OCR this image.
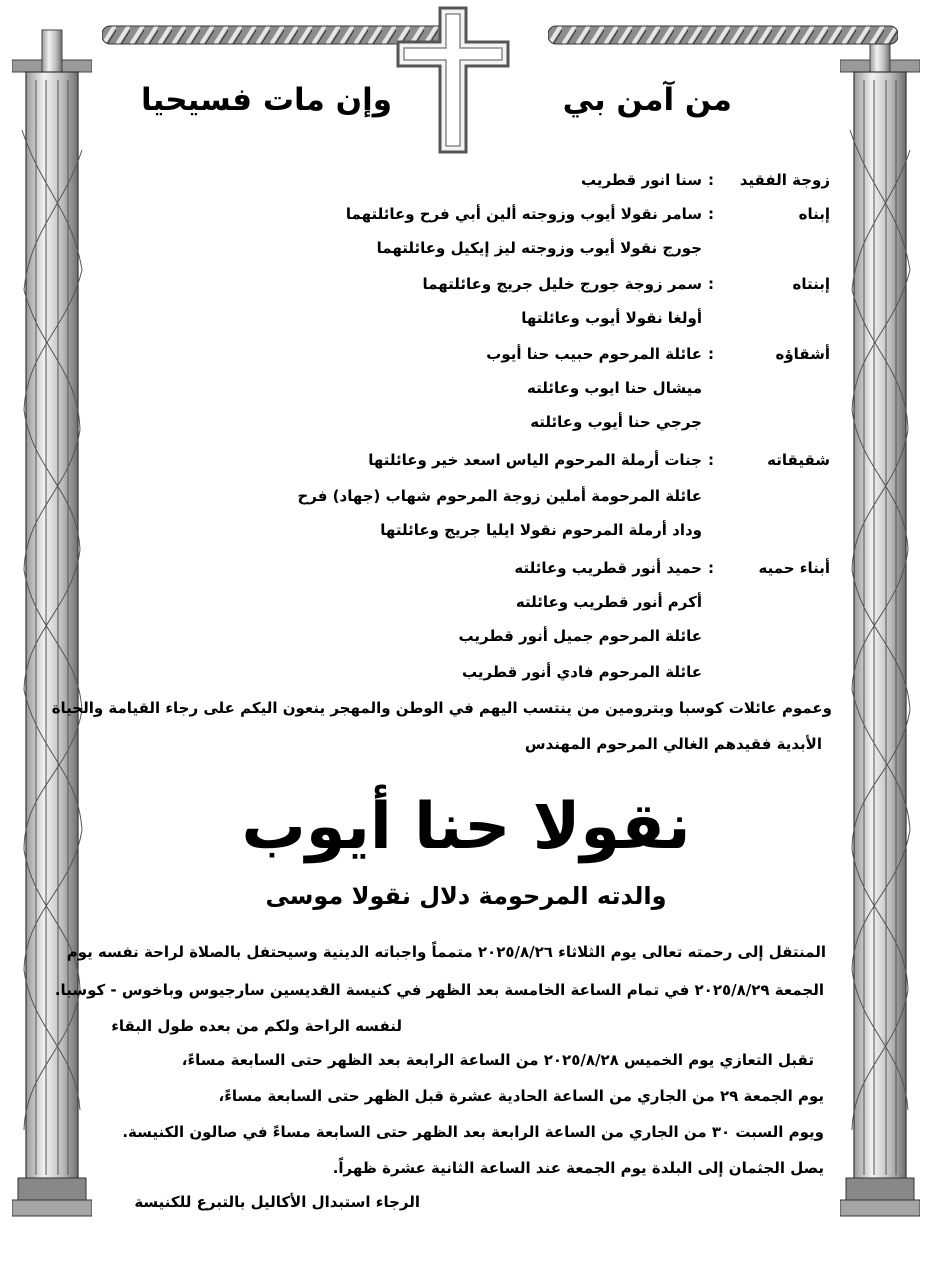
من آمن بي
وإن مات فسيحيا
زوجة الفقيد
:
سنا انور قطريب
إبناه
:
سامر نقولا أيوب وزوجته ألين أبي فرح وعائلتهما
جورج نقولا أيوب وزوجته ليز إيكيل وعائلتهما
إبنتاه
:
سمر زوجة جورج خليل جريج وعائلتهما
أولغا نقولا أيوب وعائلتها
أشقاؤه
:
عائلة المرحوم حبيب حنا أيوب
ميشال حنا ايوب وعائلته
جرجي حنا أيوب وعائلته
شقيقاته
:
جنات أرملة المرحوم الياس اسعد خير وعائلتها
عائلة المرحومة أملين زوجة المرحوم شهاب (جهاد) فرح
وداد أرملة المرحوم نقولا ايليا جريج وعائلتها
أبناء حميه
:
حميد أنور قطريب وعائلته
أكرم أنور قطريب وعائلته
عائلة المرحوم جميل أنور قطريب
عائلة المرحوم فادي أنور قطريب
وعموم عائلات كوسبا وبترومين من ينتسب اليهم في الوطن والمهجر ينعون اليكم على رجاء القيامة والحياة
الأبدية فقيدهم الغالي المرحوم المهندس
نقولا حنا أيوب
والدته المرحومة دلال نقولا موسى
المنتقل إلى رحمته تعالى يوم الثلاثاء ٢٠٢٥/٨/٢٦ متمماً واجباته الدينية وسيحتفل بالصلاة لراحة نفسه يوم
الجمعة ٢٠٢٥/٨/٢٩ في تمام الساعة الخامسة بعد الظهر في كنيسة القديسين سارجيوس وباخوس - كوسبا.
لنفسه الراحة ولكم من بعده طول البقاء
تقبل التعازي يوم الخميس ٢٠٢٥/٨/٢٨ من الساعة الرابعة بعد الظهر حتى السابعة مساءً،
يوم الجمعة ٢٩ من الجاري من الساعة الحادية عشرة قبل الظهر حتى السابعة مساءً،
ويوم السبت ٣٠ من الجاري من الساعة الرابعة بعد الظهر حتى السابعة مساءً في صالون الكنيسة.
يصل الجثمان إلى البلدة يوم الجمعة عند الساعة الثانية عشرة ظهراً.
الرجاء استبدال الأكاليل بالتبرع للكنيسة
